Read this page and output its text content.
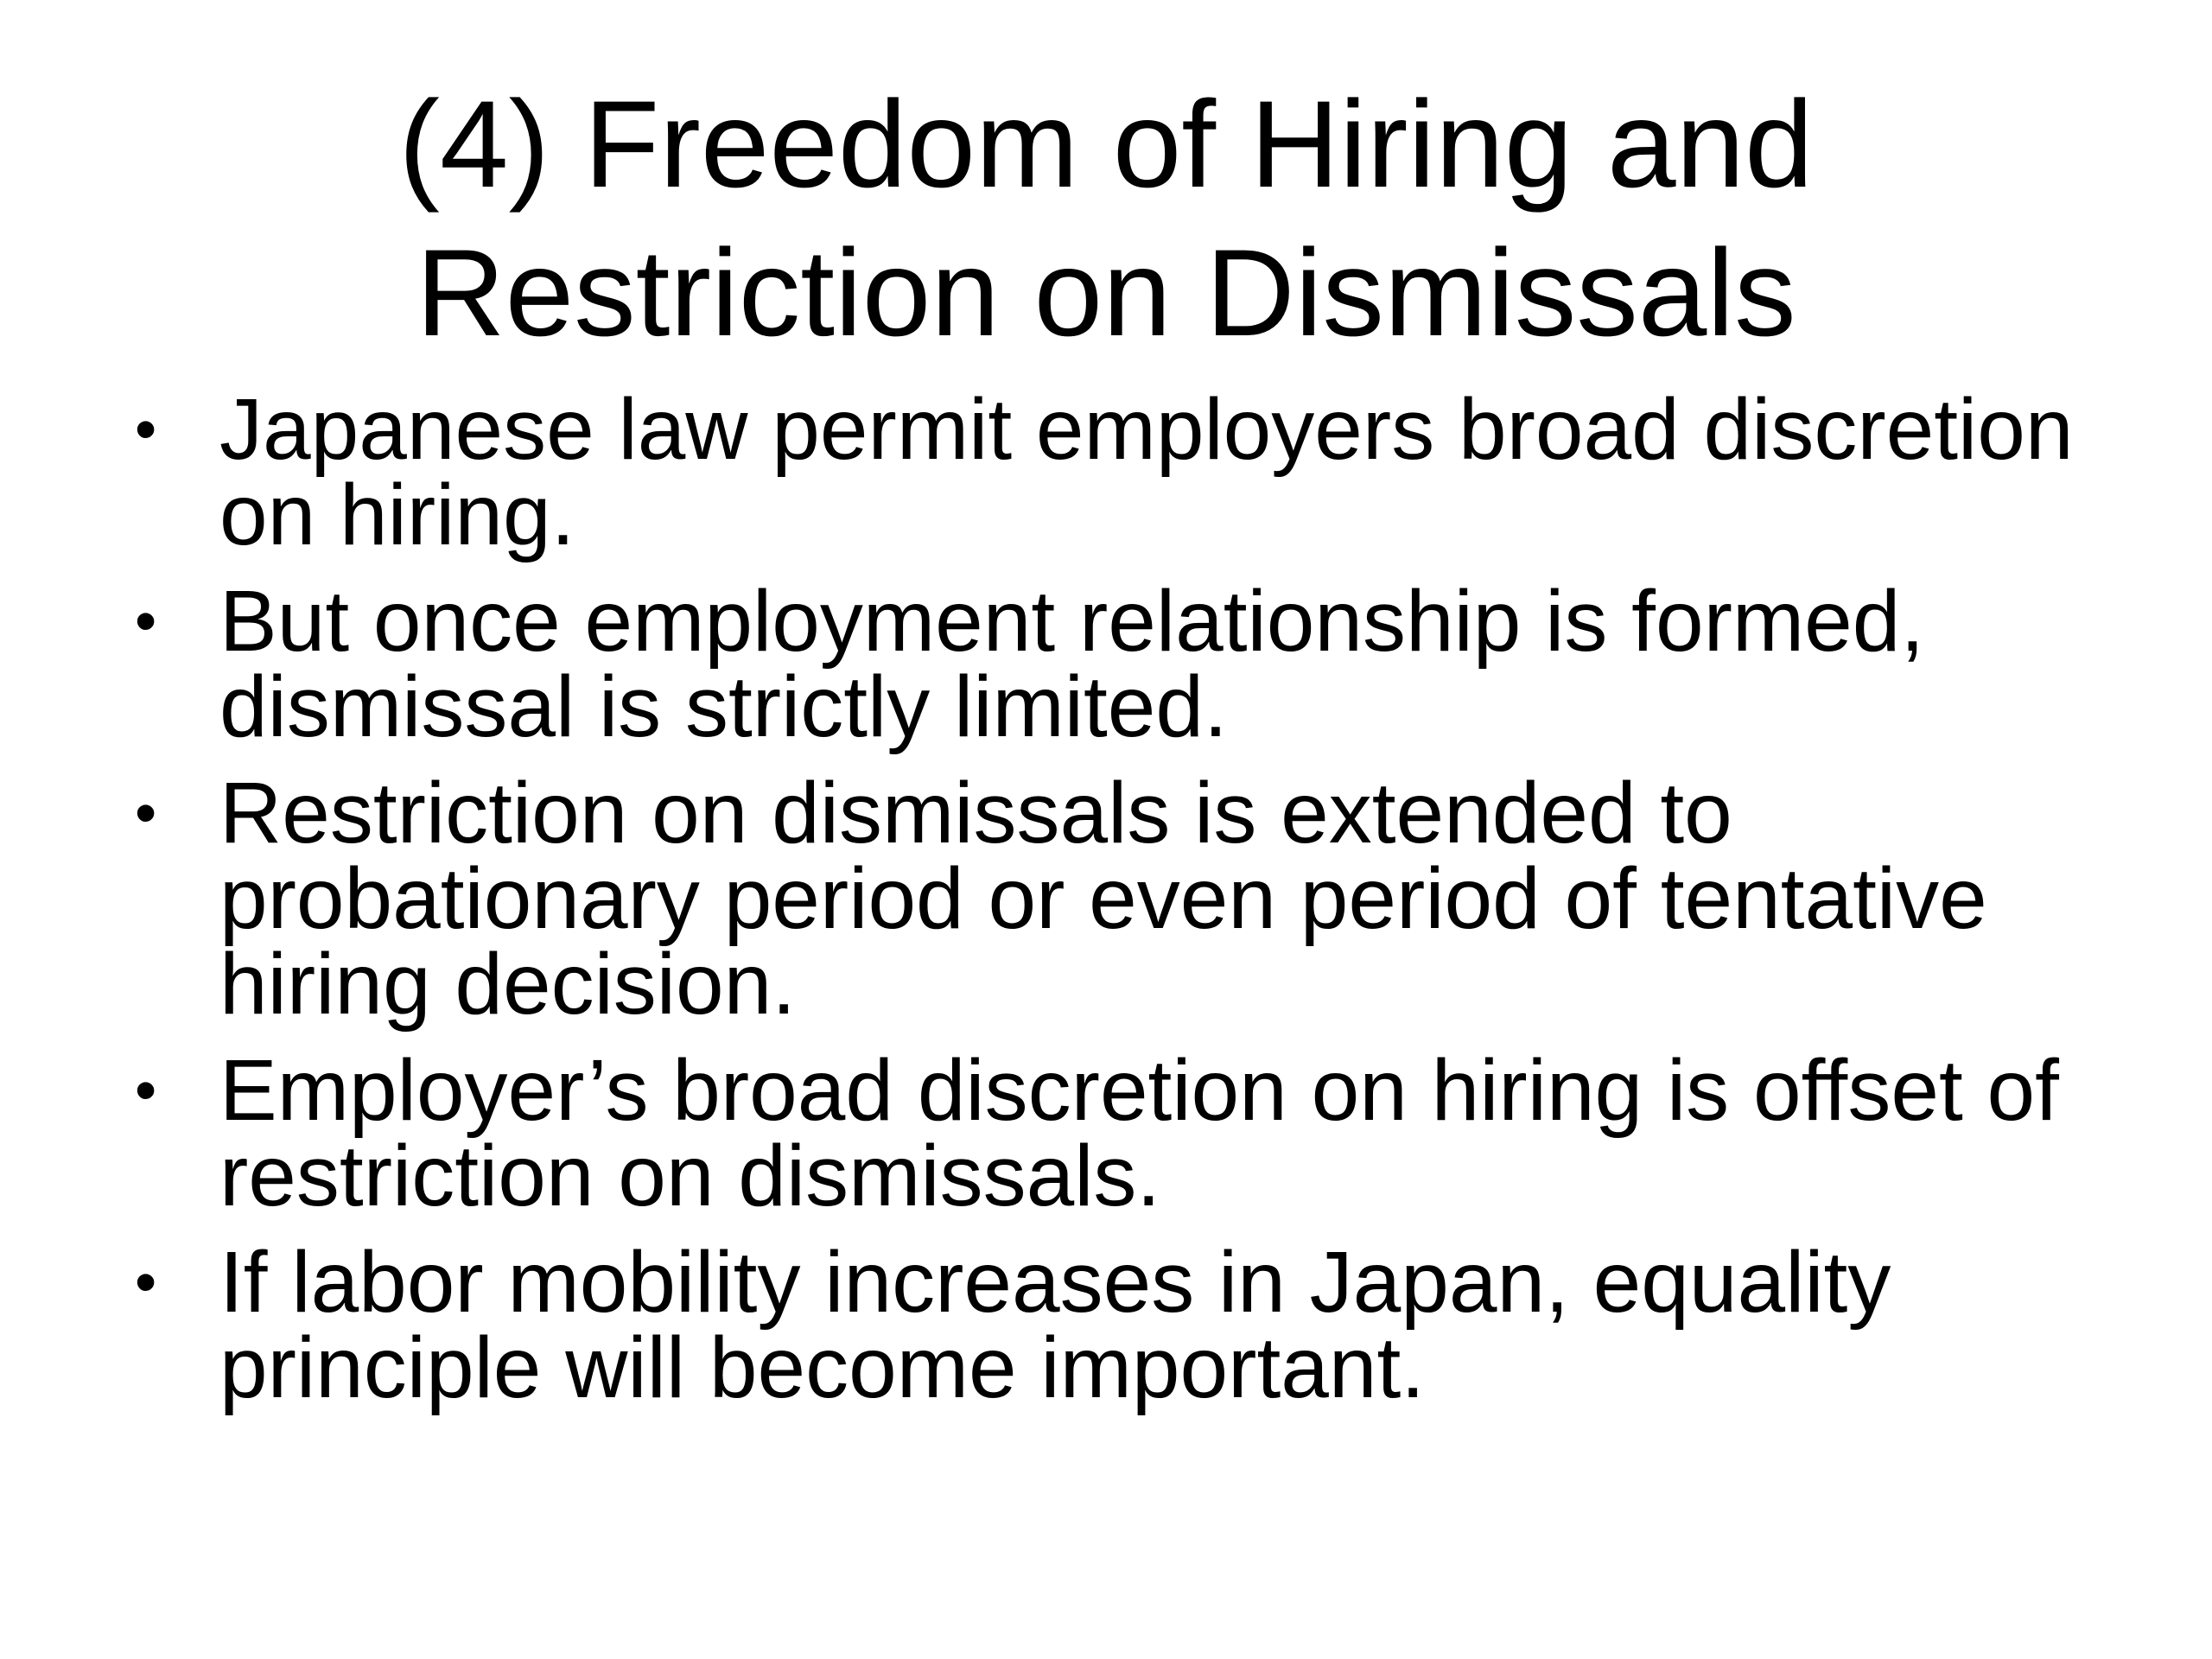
(4) Freedom of Hiring and
Restriction on Dismissals
• Japanese law permit employers broad discretion
on hiring.
• But once employment relationship is formed,
dismissal is strictly limited.
• Restriction on dismissals is extended to
probationary period or even period of tentative
hiring decision.
• Employer’s broad discretion on hiring is offset of
restriction on dismissals.
• If labor mobility increases in Japan, equality
principle will become important.
